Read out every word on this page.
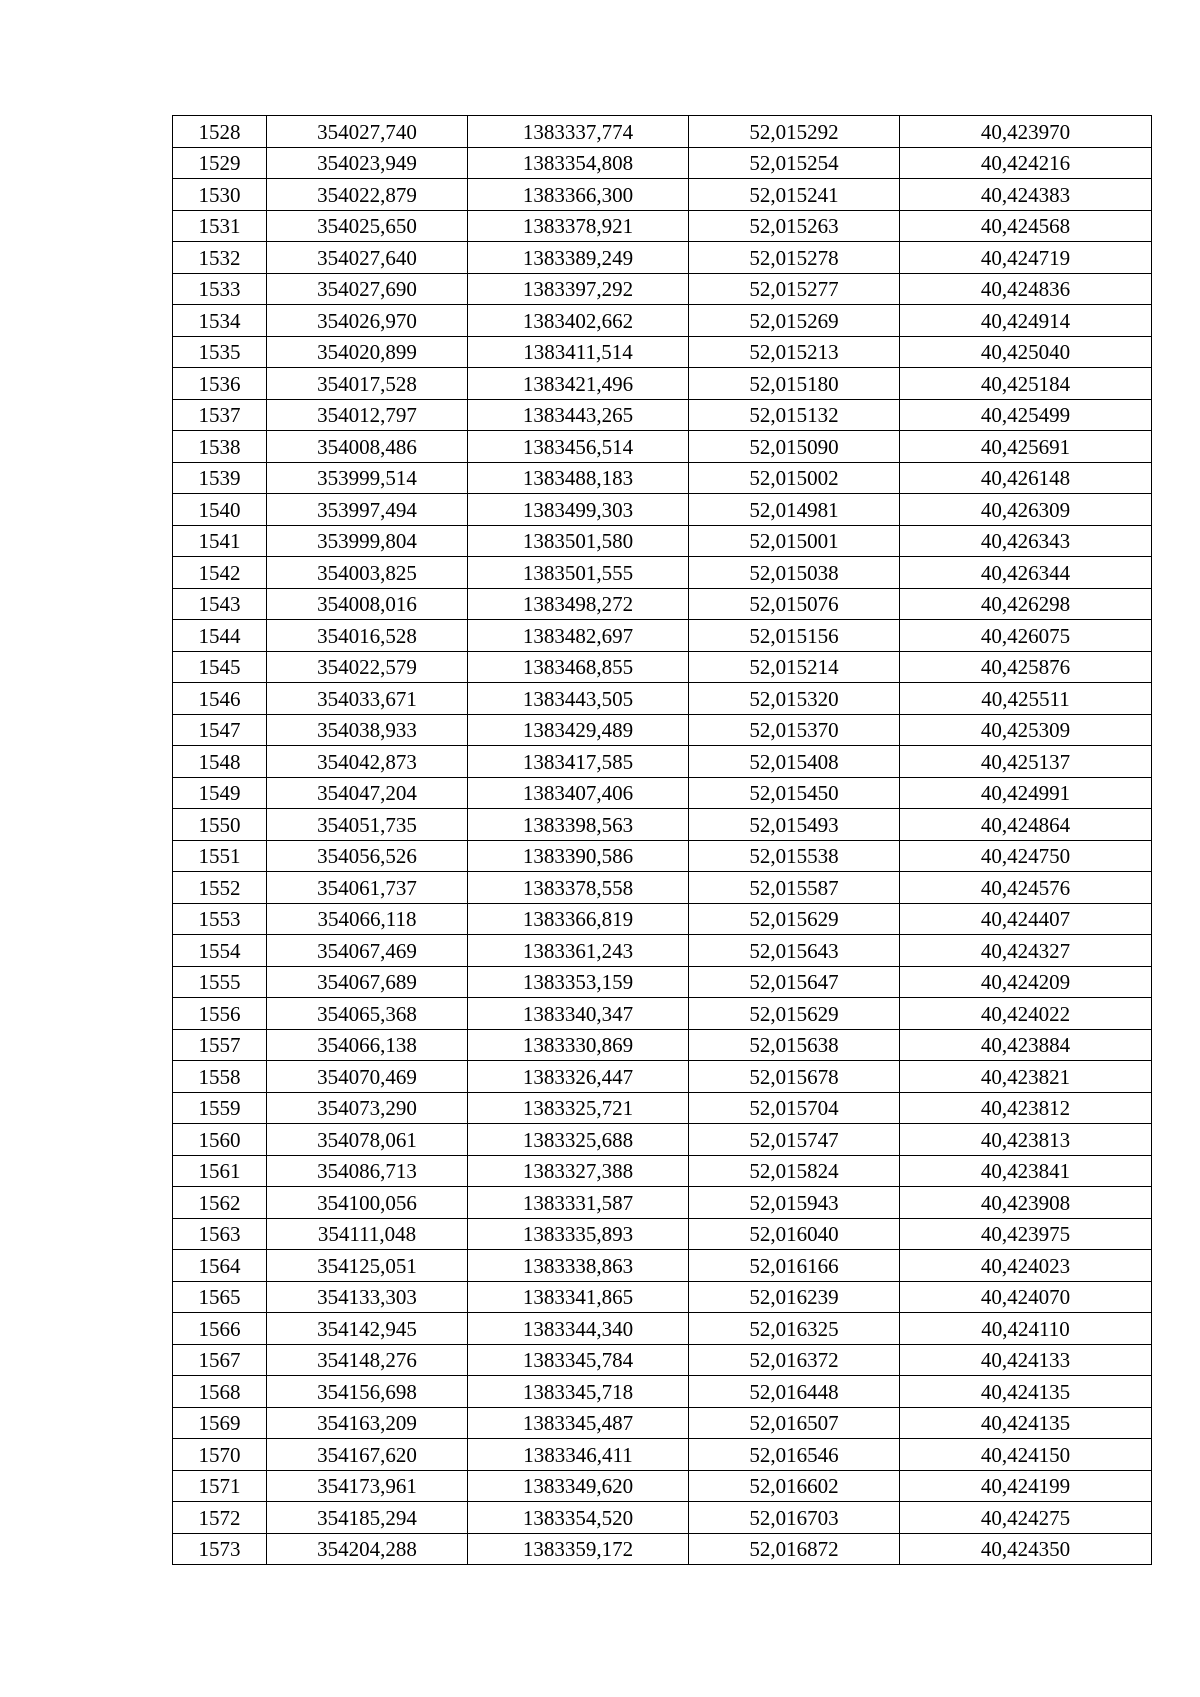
1528	354027,740	1383337,774	52,015292	40,423970
1529	354023,949	1383354,808	52,015254	40,424216
1530	354022,879	1383366,300	52,015241	40,424383
1531	354025,650	1383378,921	52,015263	40,424568
1532	354027,640	1383389,249	52,015278	40,424719
1533	354027,690	1383397,292	52,015277	40,424836
1534	354026,970	1383402,662	52,015269	40,424914
1535	354020,899	1383411,514	52,015213	40,425040
1536	354017,528	1383421,496	52,015180	40,425184
1537	354012,797	1383443,265	52,015132	40,425499
1538	354008,486	1383456,514	52,015090	40,425691
1539	353999,514	1383488,183	52,015002	40,426148
1540	353997,494	1383499,303	52,014981	40,426309
1541	353999,804	1383501,580	52,015001	40,426343
1542	354003,825	1383501,555	52,015038	40,426344
1543	354008,016	1383498,272	52,015076	40,426298
1544	354016,528	1383482,697	52,015156	40,426075
1545	354022,579	1383468,855	52,015214	40,425876
1546	354033,671	1383443,505	52,015320	40,425511
1547	354038,933	1383429,489	52,015370	40,425309
1548	354042,873	1383417,585	52,015408	40,425137
1549	354047,204	1383407,406	52,015450	40,424991
1550	354051,735	1383398,563	52,015493	40,424864
1551	354056,526	1383390,586	52,015538	40,424750
1552	354061,737	1383378,558	52,015587	40,424576
1553	354066,118	1383366,819	52,015629	40,424407
1554	354067,469	1383361,243	52,015643	40,424327
1555	354067,689	1383353,159	52,015647	40,424209
1556	354065,368	1383340,347	52,015629	40,424022
1557	354066,138	1383330,869	52,015638	40,423884
1558	354070,469	1383326,447	52,015678	40,423821
1559	354073,290	1383325,721	52,015704	40,423812
1560	354078,061	1383325,688	52,015747	40,423813
1561	354086,713	1383327,388	52,015824	40,423841
1562	354100,056	1383331,587	52,015943	40,423908
1563	354111,048	1383335,893	52,016040	40,423975
1564	354125,051	1383338,863	52,016166	40,424023
1565	354133,303	1383341,865	52,016239	40,424070
1566	354142,945	1383344,340	52,016325	40,424110
1567	354148,276	1383345,784	52,016372	40,424133
1568	354156,698	1383345,718	52,016448	40,424135
1569	354163,209	1383345,487	52,016507	40,424135
1570	354167,620	1383346,411	52,016546	40,424150
1571	354173,961	1383349,620	52,016602	40,424199
1572	354185,294	1383354,520	52,016703	40,424275
1573	354204,288	1383359,172	52,016872	40,424350
